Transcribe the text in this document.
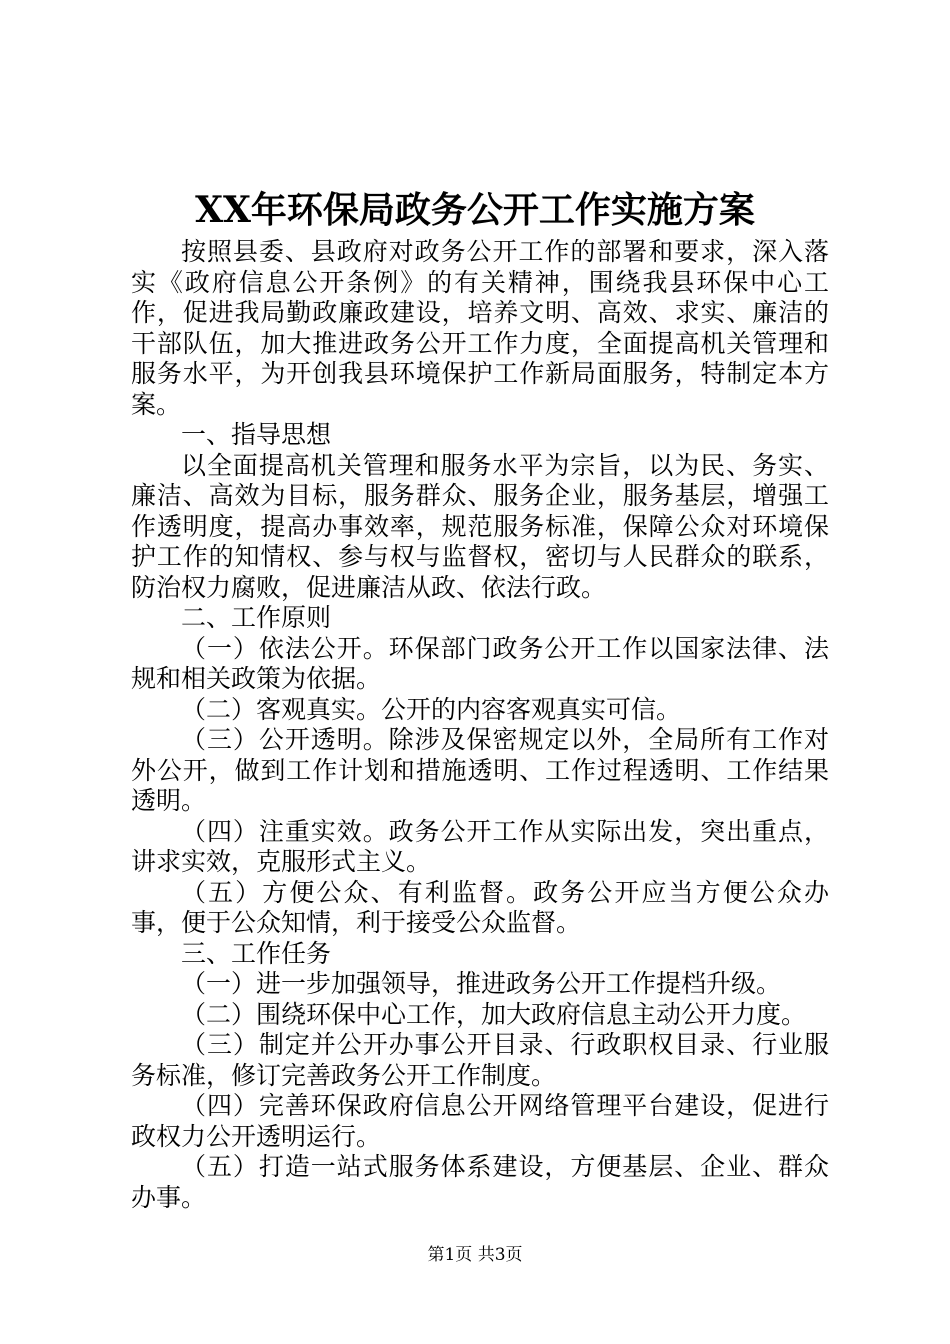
XX年环保局政务公开工作实施方案

按照县委、县政府对政务公开工作的部署和要求，深入落实《政府信息公开条例》的有关精神，围绕我县环保中心工作，促进我局勤政廉政建设，培养文明、高效、求实、廉洁的干部队伍，加大推进政务公开工作力度，全面提高机关管理和服务水平，为开创我县环境保护工作新局面服务，特制定本方案。

一、指导思想

以全面提高机关管理和服务水平为宗旨，以为民、务实、廉洁、高效为目标，服务群众、服务企业，服务基层，增强工作透明度，提高办事效率，规范服务标准，保障公众对环境保护工作的知情权、参与权与监督权，密切与人民群众的联系，防治权力腐败，促进廉洁从政、依法行政。

二、工作原则

（一）依法公开。环保部门政务公开工作以国家法律、法规和相关政策为依据。

（二）客观真实。公开的内容客观真实可信。

（三）公开透明。除涉及保密规定以外，全局所有工作对外公开，做到工作计划和措施透明、工作过程透明、工作结果透明。

（四）注重实效。政务公开工作从实际出发，突出重点，讲求实效，克服形式主义。

（五）方便公众、有利监督。政务公开应当方便公众办事，便于公众知情，利于接受公众监督。

三、工作任务

（一）进一步加强领导，推进政务公开工作提档升级。

（二）围绕环保中心工作，加大政府信息主动公开力度。

（三）制定并公开办事公开目录、行政职权目录、行业服务标准，修订完善政务公开工作制度。

（四）完善环保政府信息公开网络管理平台建设，促进行政权力公开透明运行。

（五）打造一站式服务体系建设，方便基层、企业、群众办事。

第1页 共3页
